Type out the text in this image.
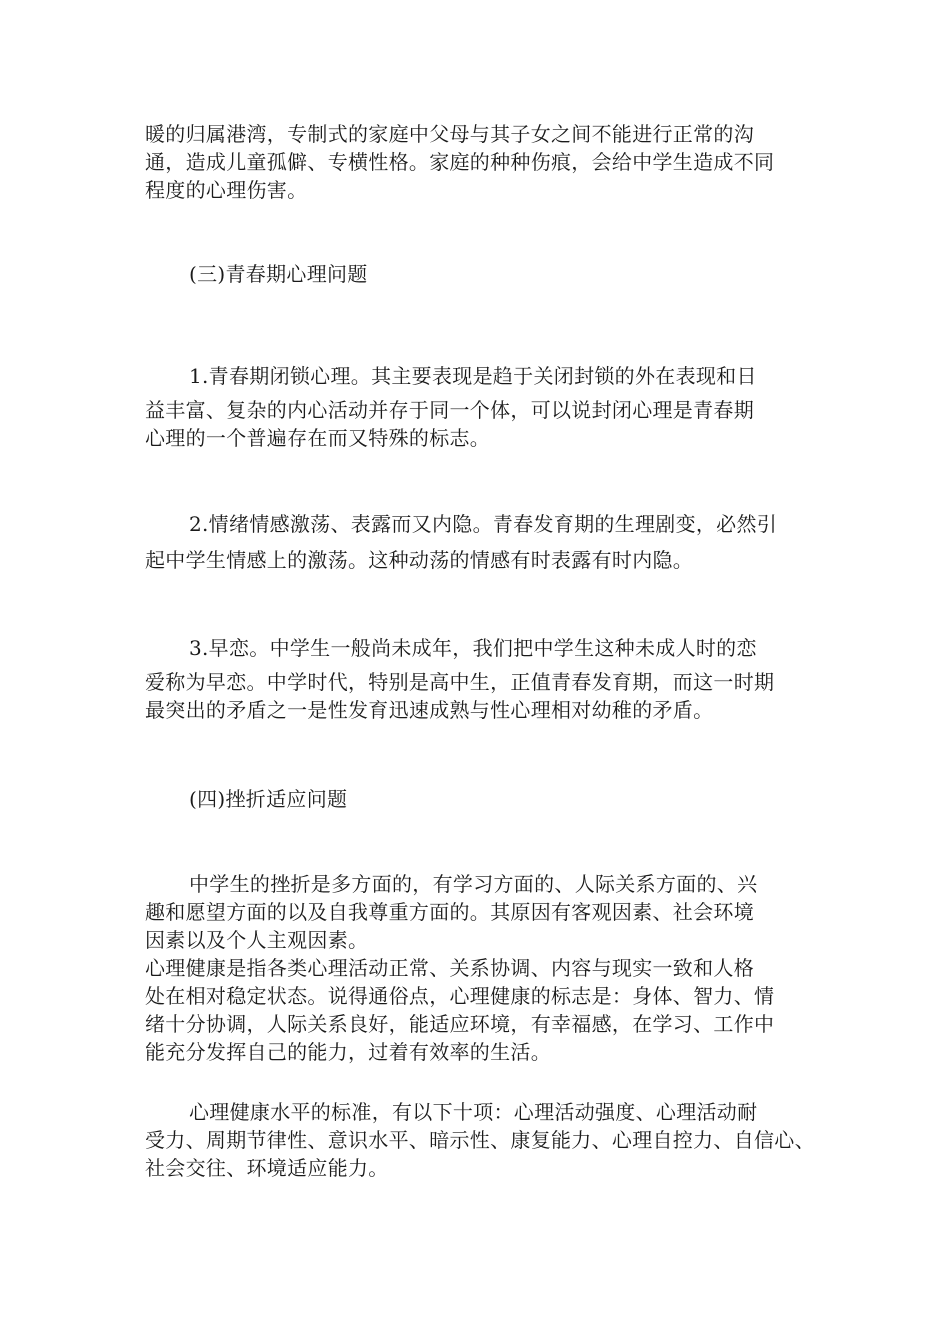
暖的归属港湾，专制式的家庭中父母与其子女之间不能进行正常的沟
通，造成儿童孤僻、专横性格。家庭的种种伤痕，会给中学生造成不同
程度的心理伤害。
(三)青春期心理问题
1.青春期闭锁心理。其主要表现是趋于关闭封锁的外在表现和日
益丰富、复杂的内心活动并存于同一个体，可以说封闭心理是青春期
心理的一个普遍存在而又特殊的标志。
2.情绪情感激荡、表露而又内隐。青春发育期的生理剧变，必然引
起中学生情感上的激荡。这种动荡的情感有时表露有时内隐。
3.早恋。中学生一般尚未成年，我们把中学生这种未成人时的恋
爱称为早恋。中学时代，特别是高中生，正值青春发育期，而这一时期
最突出的矛盾之一是性发育迅速成熟与性心理相对幼稚的矛盾。
(四)挫折适应问题
中学生的挫折是多方面的，有学习方面的、人际关系方面的、兴
趣和愿望方面的以及自我尊重方面的。其原因有客观因素、社会环境
因素以及个人主观因素。
心理健康是指各类心理活动正常、关系协调、内容与现实一致和人格
处在相对稳定状态。说得通俗点，心理健康的标志是：身体、智力、情
绪十分协调，人际关系良好，能适应环境，有幸福感，在学习、工作中
能充分发挥自己的能力，过着有效率的生活。
心理健康水平的标准，有以下十项：心理活动强度、心理活动耐
受力、周期节律性、意识水平、暗示性、康复能力、心理自控力、自信心、
社会交往、环境适应能力。
